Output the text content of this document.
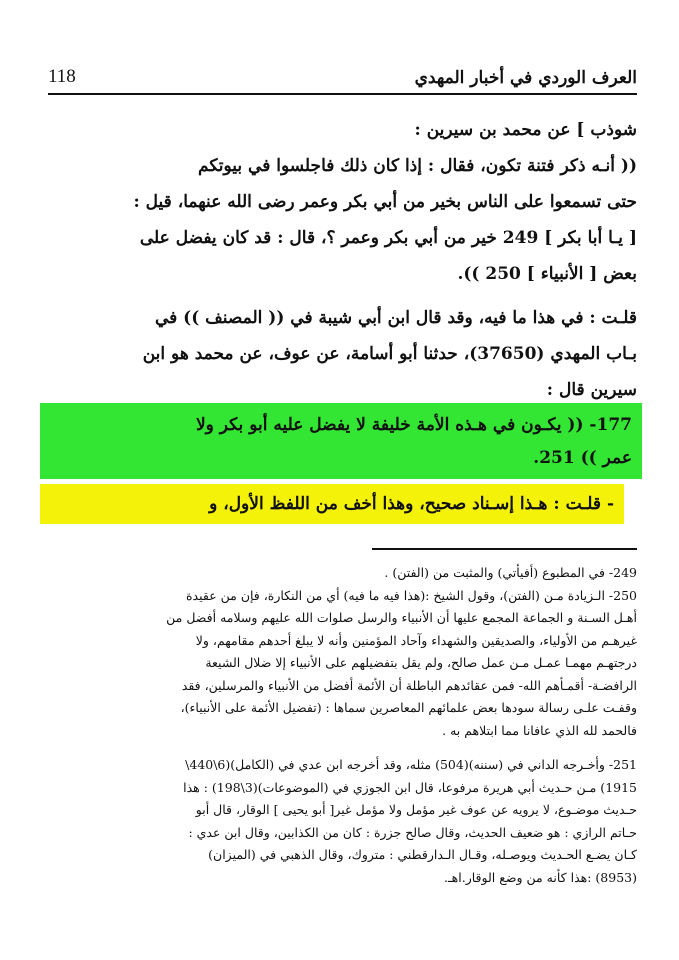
العرف الوردي في أخبار المهدي
118

شوذب ] عن محمد بن سيرين :

(( أنـه ذكر فتنة تكون، فقال : إذا كان ذلك فاجلسوا في بيوتكم

حتى تسمعوا على الناس بخير من أبي بكر وعمر رضى الله عنهما، قيل :

[ يـا أبا بكر ] 249 خير من أبي بكر وعمر ؟، قال : قد كان يفضل على

بعض [ الأنبياء ] 250 )).

قلـت : في هذا ما فيه، وقد قال ابن أبي شيبة في (( المصنف )) في

بـاب المهدي (37650)، حدثنا أبو أسامة، عن عوف، عن محمد هو ابن

سيرين قال :

177- (( يكـون في هـذه الأمة خليفة لا يفضل عليه أبو بكر ولا

عمر )) 251.

- قلـت : هـذا إسـناد صحيح، وهذا أخف من اللفظ الأول، و

249- في المطبوع (أفيأتي) والمثبت من (الفتن) .

250- الـزيادة مـن (الفتن)، وقول الشيخ :(هذا فيه ما فيه) أي من النكارة، فإن من عقيدة

أهـل السـنة و الجماعة المجمع عليها أن الأنبياء والرسل صلوات الله عليهم وسلامه أفضل من

غيرهـم من الأولياء، والصديقين والشهداء وآحاد المؤمنين وأنه لا يبلغ أحدهم مقامهم، ولا

درجتهـم مهمـا عمـل مـن عمل صالح، ولم يقل بتفضيلهم على الأنبياء إلا ضلال الشيعة

الرافضـة- أقمـأهم الله- فمن عقائدهم الباطلة أن الأئمة أفضل من الأنبياء والمرسلين، فقد

وقفـت علـى رسالة سودها بعض علمائهم المعاصرين سماها : (تفضيل الأئمة على الأنبياء)،

فالحمد لله الذي عافانا مما ابتلاهم به .

251- وأخـرجه الداني في (سننه)(504) مثله، وقد أخرجه ابن عدي في (الكامل)(6\440\

1915) مـن حـديث أبي هريرة مرفوعا، قال ابن الجوزي في (الموضوعات)(3\198) : هذا

حـديث موضـوع، لا يرويه عن عوف غير مؤمل ولا مؤمل غير[ أبو يحيى ] الوقار، قال أبو

حـاتم الرازي : هو ضعيف الحديث، وقال صالح جزرة : كان من الكذابين، وقال ابن عدي :

كـان يضـع الحـديث ويوصـله، وقـال الـدارقطني : متروك، وقال الذهبي في (الميزان)

(8953) :هذا كأنه من وضع الوقار.اهـ.
